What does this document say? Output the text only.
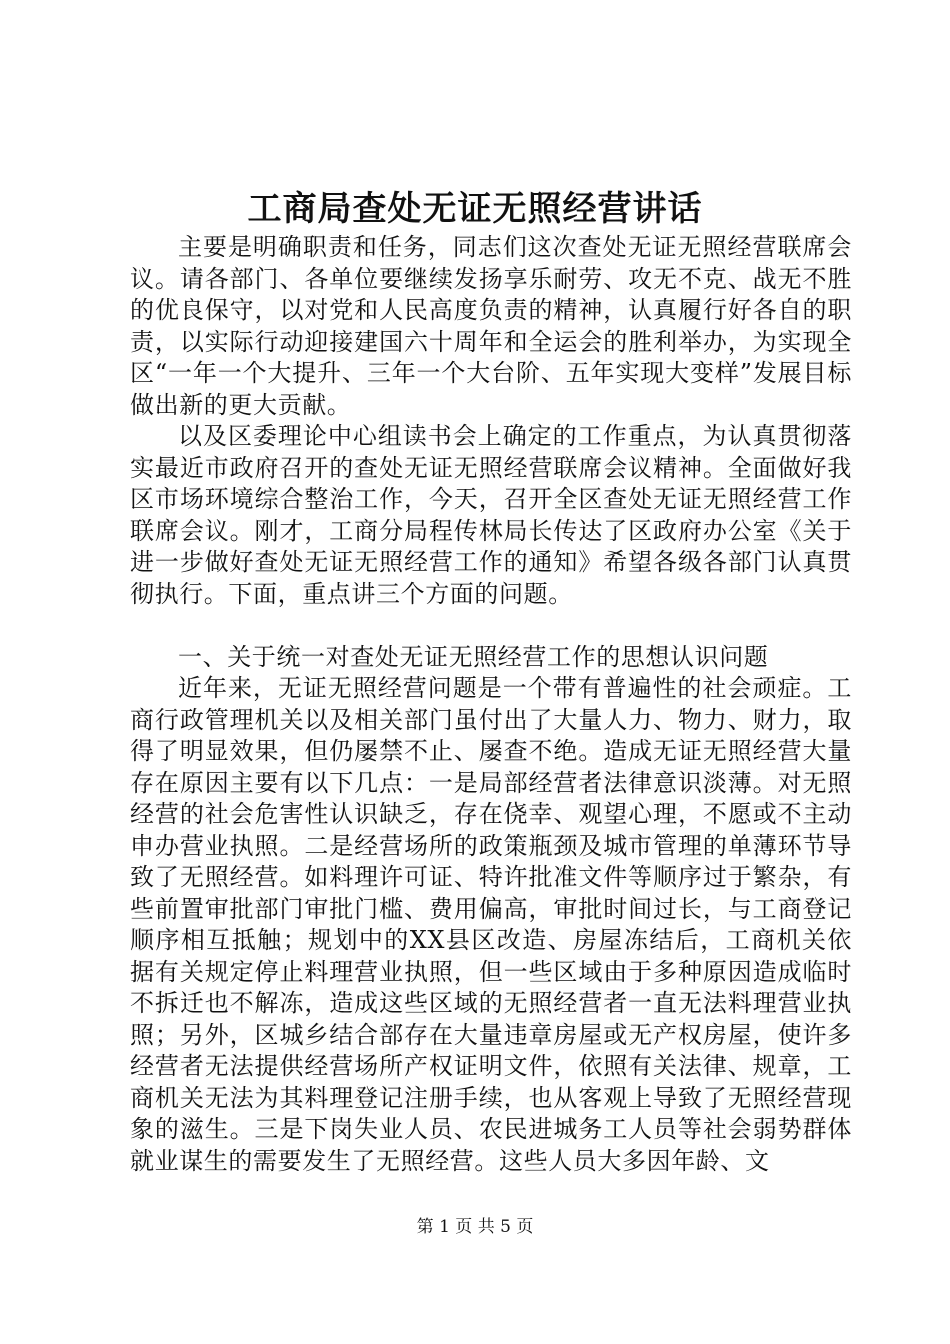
工商局查处无证无照经营讲话

主要是明确职责和任务，同志们这次查处无证无照经营联席会议。请各部门、各单位要继续发扬享乐耐劳、攻无不克、战无不胜的优良保守，以对党和人民高度负责的精神，认真履行好各自的职责，以实际行动迎接建国六十周年和全运会的胜利举办，为实现全区“一年一个大提升、三年一个大台阶、五年实现大变样”发展目标做出新的更大贡献。

以及区委理论中心组读书会上确定的工作重点，为认真贯彻落实最近市政府召开的查处无证无照经营联席会议精神。全面做好我区市场环境综合整治工作，今天，召开全区查处无证无照经营工作联席会议。刚才，工商分局程传林局长传达了区政府办公室《关于进一步做好查处无证无照经营工作的通知》希望各级各部门认真贯彻执行。下面，重点讲三个方面的问题。

一、关于统一对查处无证无照经营工作的思想认识问题

近年来，无证无照经营问题是一个带有普遍性的社会顽症。工商行政管理机关以及相关部门虽付出了大量人力、物力、财力，取得了明显效果，但仍屡禁不止、屡查不绝。造成无证无照经营大量存在原因主要有以下几点：一是局部经营者法律意识淡薄。对无照经营的社会危害性认识缺乏，存在侥幸、观望心理，不愿或不主动申办营业执照。二是经营场所的政策瓶颈及城市管理的单薄环节导致了无照经营。如料理许可证、特许批准文件等顺序过于繁杂，有些前置审批部门审批门槛、费用偏高，审批时间过长，与工商登记顺序相互抵触；规划中的XX县区改造、房屋冻结后，工商机关依据有关规定停止料理营业执照，但一些区域由于多种原因造成临时不拆迁也不解冻，造成这些区域的无照经营者一直无法料理营业执照；另外，区城乡结合部存在大量违章房屋或无产权房屋，使许多经营者无法提供经营场所产权证明文件，依照有关法律、规章，工商机关无法为其料理登记注册手续，也从客观上导致了无照经营现象的滋生。三是下岗失业人员、农民进城务工人员等社会弱势群体就业谋生的需要发生了无照经营。这些人员大多因年龄、文

第 1 页 共 5 页
